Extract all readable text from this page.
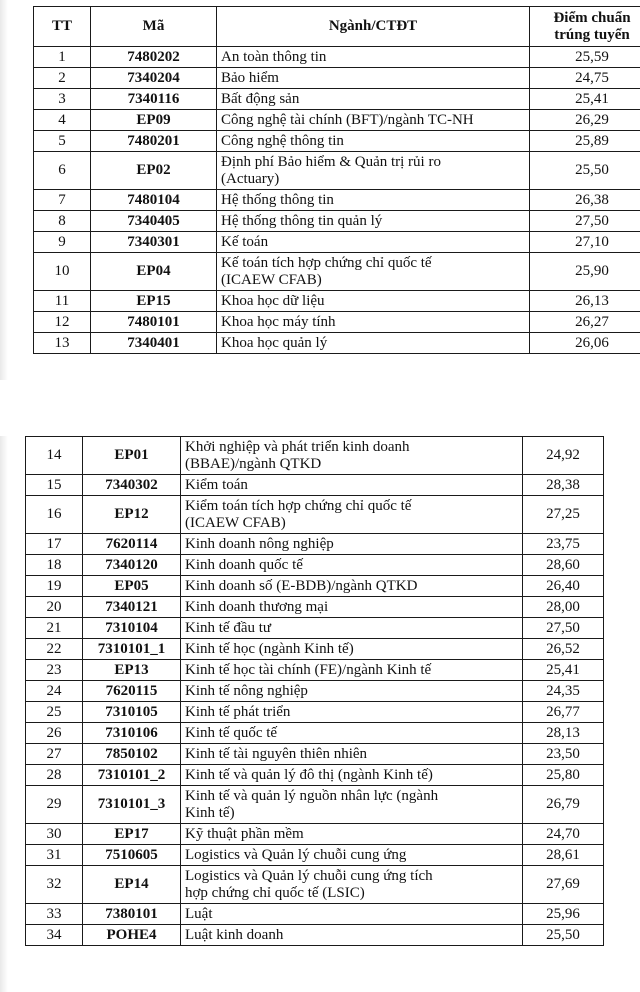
TT	Mã	Ngành/CTĐT	Điểm chuẩn
trúng tuyển

1	7480202	An toàn thông tin	25,59
2	7340204	Bảo hiểm	24,75
3	7340116	Bất động sản	25,41
4	EP09	Công nghệ tài chính (BFT)/ngành TC-NH	26,29
5	7480201	Công nghệ thông tin	25,89
6	EP02	Định phí Bảo hiểm & Quản trị rủi ro
(Actuary)	25,50
7	7480104	Hệ thống thông tin	26,38
8	7340405	Hệ thống thông tin quản lý	27,50
9	7340301	Kế toán	27,10
10	EP04	Kế toán tích hợp chứng chỉ quốc tế
(ICAEW CFAB)	25,90
11	EP15	Khoa học dữ liệu	26,13
12	7480101	Khoa học máy tính	26,27
13	7340401	Khoa học quản lý	26,06
14	EP01	Khởi nghiệp và phát triển kinh doanh
(BBAE)/ngành QTKD	24,92
15	7340302	Kiểm toán	28,38
16	EP12	Kiểm toán tích hợp chứng chỉ quốc tế
(ICAEW CFAB)	27,25
17	7620114	Kinh doanh nông nghiệp	23,75
18	7340120	Kinh doanh quốc tế	28,60
19	EP05	Kinh doanh số (E-BDB)/ngành QTKD	26,40
20	7340121	Kinh doanh thương mại	28,00
21	7310104	Kinh tế đầu tư	27,50
22	7310101_1	Kinh tế học (ngành Kinh tế)	26,52
23	EP13	Kinh tế học tài chính (FE)/ngành Kinh tế	25,41
24	7620115	Kinh tế nông nghiệp	24,35
25	7310105	Kinh tế phát triển	26,77
26	7310106	Kinh tế quốc tế	28,13
27	7850102	Kinh tế tài nguyên thiên nhiên	23,50
28	7310101_2	Kinh tế và quản lý đô thị (ngành Kinh tế)	25,80
29	7310101_3	Kinh tế và quản lý nguồn nhân lực (ngành
Kinh tế)	26,79
30	EP17	Kỹ thuật phần mềm	24,70
31	7510605	Logistics và Quản lý chuỗi cung ứng	28,61
32	EP14	Logistics và Quản lý chuỗi cung ứng tích
hợp chứng chỉ quốc tế (LSIC)	27,69
33	7380101	Luật	25,96
34	POHE4	Luật kinh doanh	25,50
